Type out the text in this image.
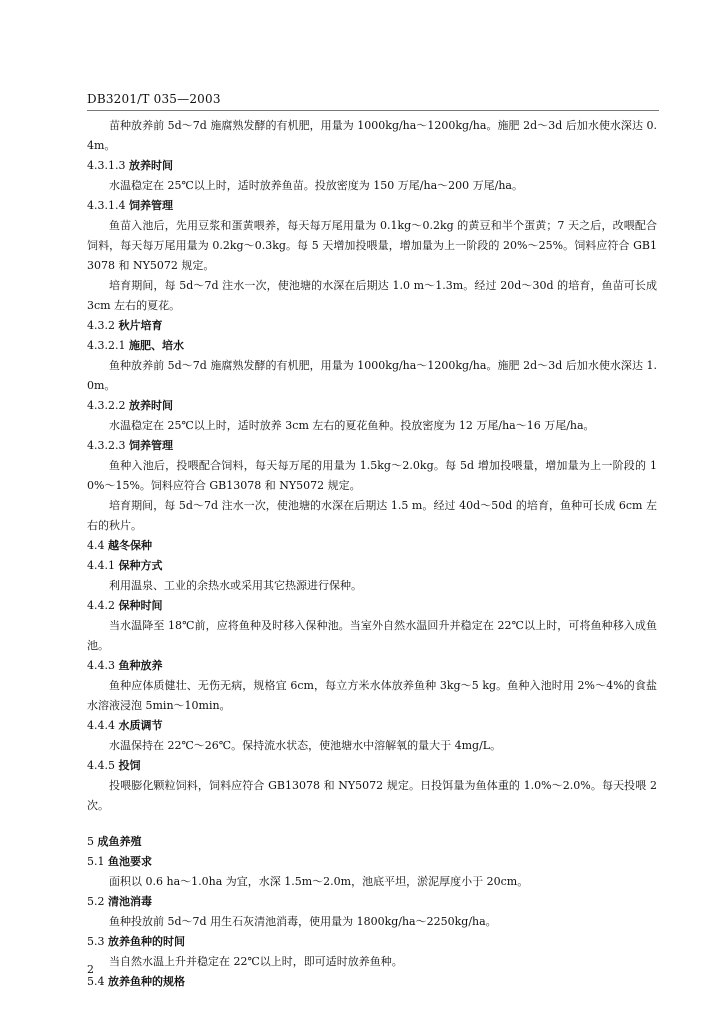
DB3201/T 035—2003

苗种放养前 5d～7d 施腐熟发酵的有机肥，用量为 1000kg/ha～1200kg/ha。施肥 2d～3d 后加水使水深达 0.4m。

4.3.1.3 放养时间

水温稳定在 25℃以上时，适时放养鱼苗。投放密度为 150 万尾/ha～200 万尾/ha。

4.3.1.4 饲养管理

鱼苗入池后，先用豆浆和蛋黄喂养，每天每万尾用量为 0.1kg～0.2kg 的黄豆和半个蛋黄；7 天之后，改喂配合饲料，每天每万尾用量为 0.2kg～0.3kg。每 5 天增加投喂量，增加量为上一阶段的 20%～25%。饲料应符合 GB13078 和 NY5072 规定。

培育期间，每 5d～7d 注水一次，使池塘的水深在后期达 1.0 m～1.3m。经过 20d～30d 的培育，鱼苗可长成 3cm 左右的夏花。

4.3.2 秋片培育

4.3.2.1 施肥、培水

鱼种放养前 5d～7d 施腐熟发酵的有机肥，用量为 1000kg/ha～1200kg/ha。施肥 2d～3d 后加水使水深达 1.0m。

4.3.2.2 放养时间

水温稳定在 25℃以上时，适时放养 3cm 左右的夏花鱼种。投放密度为 12 万尾/ha～16 万尾/ha。

4.3.2.3 饲养管理

鱼种入池后，投喂配合饲料，每天每万尾的用量为 1.5kg～2.0kg。每 5d 增加投喂量，增加量为上一阶段的 10%～15%。饲料应符合 GB13078 和 NY5072 规定。

培育期间，每 5d～7d 注水一次，使池塘的水深在后期达 1.5 m。经过 40d～50d 的培育，鱼种可长成 6cm 左右的秋片。

4.4 越冬保种

4.4.1 保种方式

利用温泉、工业的余热水或采用其它热源进行保种。

4.4.2 保种时间

当水温降至 18℃前，应将鱼种及时移入保种池。当室外自然水温回升并稳定在 22℃以上时，可将鱼种移入成鱼池。

4.4.3 鱼种放养

鱼种应体质健壮、无伤无病，规格宜 6cm，每立方米水体放养鱼种 3kg～5 kg。鱼种入池时用 2%～4%的食盐水溶液浸泡 5min～10min。

4.4.4 水质调节

水温保持在 22℃～26℃。保持流水状态，使池塘水中溶解氧的量大于 4mg/L。

4.4.5 投饲

投喂膨化颗粒饲料，饲料应符合 GB13078 和 NY5072 规定。日投饵量为鱼体重的 1.0%～2.0%。每天投喂 2 次。

5 成鱼养殖

5.1 鱼池要求

面积以 0.6 ha～1.0ha 为宜，水深 1.5m～2.0m，池底平坦，淤泥厚度小于 20cm。

5.2 清池消毒

鱼种投放前 5d～7d 用生石灰清池消毒，使用量为 1800kg/ha～2250kg/ha。

5.3 放养鱼种的时间

当自然水温上升并稳定在 22℃以上时，即可适时放养鱼种。

5.4 放养鱼种的规格

2
